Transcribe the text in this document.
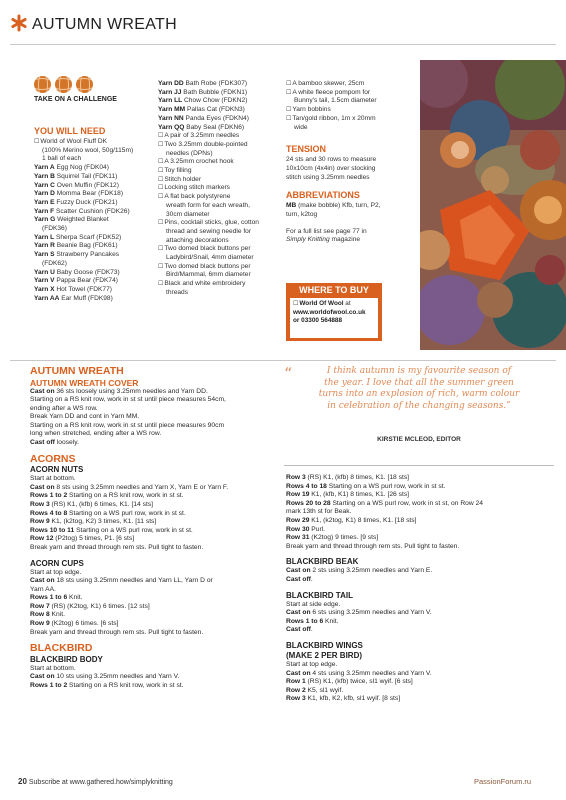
AUTUMN WREATH
TAKE ON A CHALLENGE
YOU WILL NEED
☐ World of Wool Fluff DK
(100% Merino wool, 50g/115m)
1 ball of each
Yarn A Egg Nog (FDK04)
Yarn B Squirrel Tail (FDK11)
Yarn C Oven Muffin (FDK12)
Yarn D Momma Bear (FDK18)
Yarn E Fuzzy Duck (FDK21)
Yarn F Scatter Cushion (FDK26)
Yarn G Weighted Blanket
(FDK36)
Yarn L Sherpa Scarf (FDK52)
Yarn R Beanie Bag (FDK61)
Yarn S Strawberry Pancakes
(FDK62)
Yarn U Baby Goose (FDK73)
Yarn V Pappa Bear (FDK74)
Yarn X Hot Towel (FDK77)
Yarn AA Ear Muff (FDK98)
Yarn DD Bath Robe (FDK307)
Yarn JJ Bath Bubble (FDKN1)
Yarn LL Chow Chow (FDKN2)
Yarn MM Pallas Cat (FDKN3)
Yarn NN Panda Eyes (FDKN4)
Yarn QQ Baby Seal (FDKN6)
☐ A pair of 3.25mm needles
☐ Two 3.25mm double-pointed
needles (DPNs)
☐ A 3.25mm crochet hook
☐ Toy filling
☐ Stitch holder
☐ Locking stitch markers
☐ A flat back polystyrene
wreath form for each wreath,
30cm diameter
☐ Pins, cocktail sticks, glue, cotton
thread and sewing needle for
attaching decorations
☐ Two domed black buttons per
Ladybird/Snail, 4mm diameter
☐ Two domed black buttons per
Bird/Mammal, 6mm diameter
☐ Black and white embroidery
threads
☐ A bamboo skewer, 25cm
☐ A white fleece pompom for
Bunny's tail, 1.5cm diameter
☐ Yarn bobbins
☐ Tan/gold ribbon, 1m x 20mm
wide
TENSION
24 sts and 30 rows to measure
10x10cm (4x4in) over stocking
stitch using 3.25mm needles
ABBREVIATIONS
MB (make bobble) Kfb, turn, P2,
turn, k2tog
For a full list see page 77 in
Simply Knitting magazine
WHERE TO BUY
☐ World Of Wool at
www.worldofwool.co.uk
or 03300 564888
AUTUMN WREATH
AUTUMN WREATH COVER
Cast on 36 sts loosely using 3.25mm needles and Yarn DD.
Starting on a RS knit row, work in st st until piece measures 54cm,
ending after a WS row.
Break Yarn DD and cont in Yarn MM.
Starting on a RS knit row, work in st st until piece measures 90cm
long when stretched, ending after a WS row.
Cast off loosely.
ACORNS
ACORN NUTS
Start at bottom.
Cast on 8 sts using 3.25mm needles and Yarn X, Yarn E or Yarn F.
Rows 1 to 2 Starting on a RS knit row, work in st st.
Row 3 (RS) K1, (kfb) 6 times, K1. [14 sts]
Rows 4 to 8 Starting on a WS purl row, work in st st.
Row 9 K1, (k2tog, K2) 3 times, K1. [11 sts]
Rows 10 to 11 Starting on a WS purl row, work in st st.
Row 12 (P2tog) 5 times, P1. [6 sts]
Break yarn and thread through rem sts. Pull tight to fasten.
ACORN CUPS
Start at top edge.
Cast on 18 sts using 3.25mm needles and Yarn LL, Yarn D or
Yarn AA.
Rows 1 to 6 Knit.
Row 7 (RS) (K2tog, K1) 6 times. [12 sts]
Row 8 Knit.
Row 9 (K2tog) 6 times. [6 sts]
Break yarn and thread through rem sts. Pull tight to fasten.
BLACKBIRD
BLACKBIRD BODY
Start at bottom.
Cast on 10 sts using 3.25mm needles and Yarn V.
Rows 1 to 2 Starting on a RS knit row, work in st st.
“	I think autumn is my favourite season of
the year. I love that all the summer green
turns into an explosion of rich, warm colour
in celebration of the changing seasons.”
KIRSTIE MCLEOD, EDITOR
Row 3 (RS) K1, (kfb) 8 times, K1. [18 sts]
Rows 4 to 18 Starting on a WS purl row, work in st st.
Row 19 K1, (kfb, K1) 8 times, K1. [26 sts]
Rows 20 to 28 Starting on a WS purl row, work in st st, on Row 24
mark 13th st for Beak.
Row 29 K1, (k2tog, K1) 8 times, K1. [18 sts]
Row 30 Purl.
Row 31 (K2tog) 9 times. [9 sts]
Break yarn and thread through rem sts. Pull tight to fasten.
BLACKBIRD BEAK
Cast on 2 sts using 3.25mm needles and Yarn E.
Cast off.
BLACKBIRD TAIL
Start at side edge.
Cast on 6 sts using 3.25mm needles and Yarn V.
Rows 1 to 6 Knit.
Cast off.
BLACKBIRD WINGS
(MAKE 2 PER BIRD)
Start at top edge.
Cast on 4 sts using 3.25mm needles and Yarn V.
Row 1 (RS) K1, (kfb) twice, sl1 wyif. [6 sts]
Row 2 K5, sl1 wyif.
Row 3 K1, kfb, K2, kfb, sl1 wyif. [8 sts]
20 Subscribe at www.gathered.how/simplyknitting	PassionForum.ru
